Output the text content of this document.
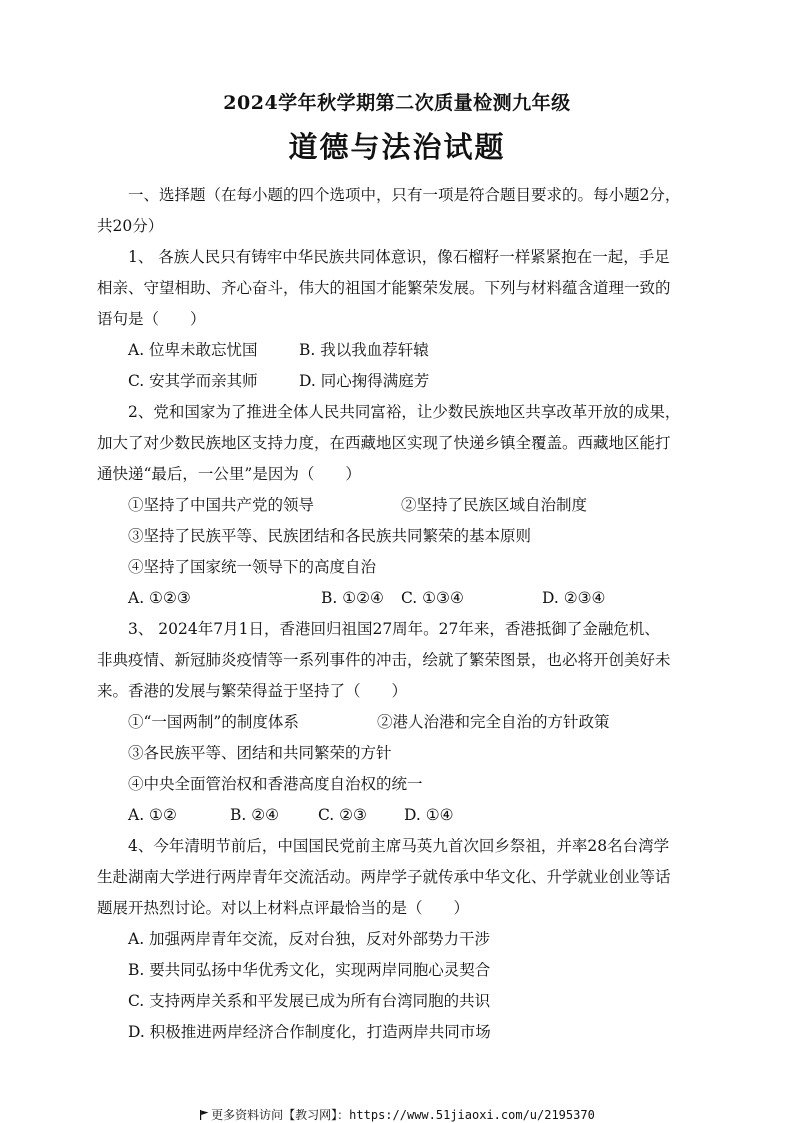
2024学年秋学期第二次质量检测九年级
道德与法治试题

一、选择题（在每小题的四个选项中，只有一项是符合题目要求的。每小题2分，

共20分）

1、 各族人民只有铸牢中华民族共同体意识，像石榴籽一样紧紧抱在一起，手足

相亲、守望相助、齐心奋斗，伟大的祖国才能繁荣发展。下列与材料蕴含道理一致的

语句是（　　）

A. 位卑未敢忘忧国	B. 我以我血荐轩辕
C. 安其学而亲其师	D. 同心掬得满庭芳

2、党和国家为了推进全体人民共同富裕，让少数民族地区共享改革开放的成果，

加大了对少数民族地区支持力度，在西藏地区实现了快递乡镇全覆盖。西藏地区能打

通快递“最后，一公里”是因为（　　）

①坚持了中国共产党的领导	②坚持了民族区域自治制度

③坚持了民族平等、民族团结和各民族共同繁荣的基本原则

④坚持了国家统一领导下的高度自治

A. ①②③	B. ①②④	C. ①③④	D. ②③④

3、 2024年7月1日，香港回归祖国27周年。27年来，香港抵御了金融危机、

非典疫情、新冠肺炎疫情等一系列事件的冲击，绘就了繁荣图景，也必将开创美好未

来。香港的发展与繁荣得益于坚持了（　　）

①“一国两制”的制度体系	②港人治港和完全自治的方针政策

③各民族平等、团结和共同繁荣的方针

④中央全面管治权和香港高度自治权的统一

A. ①②	B. ②④	C. ②③	D. ①④

4、今年清明节前后，中国国民党前主席马英九首次回乡祭祖，并率28名台湾学

生赴湖南大学进行两岸青年交流活动。两岸学子就传承中华文化、升学就业创业等话

题展开热烈讨论。对以上材料点评最恰当的是（　　）

A. 加强两岸青年交流，反对台独，反对外部势力干涉

B. 要共同弘扬中华优秀文化，实现两岸同胞心灵契合

C. 支持两岸关系和平发展已成为所有台湾同胞的共识

D. 积极推进两岸经济合作制度化，打造两岸共同市场

更多资料访问【教习网】：https://www.51jiaoxi.com/u/2195370
